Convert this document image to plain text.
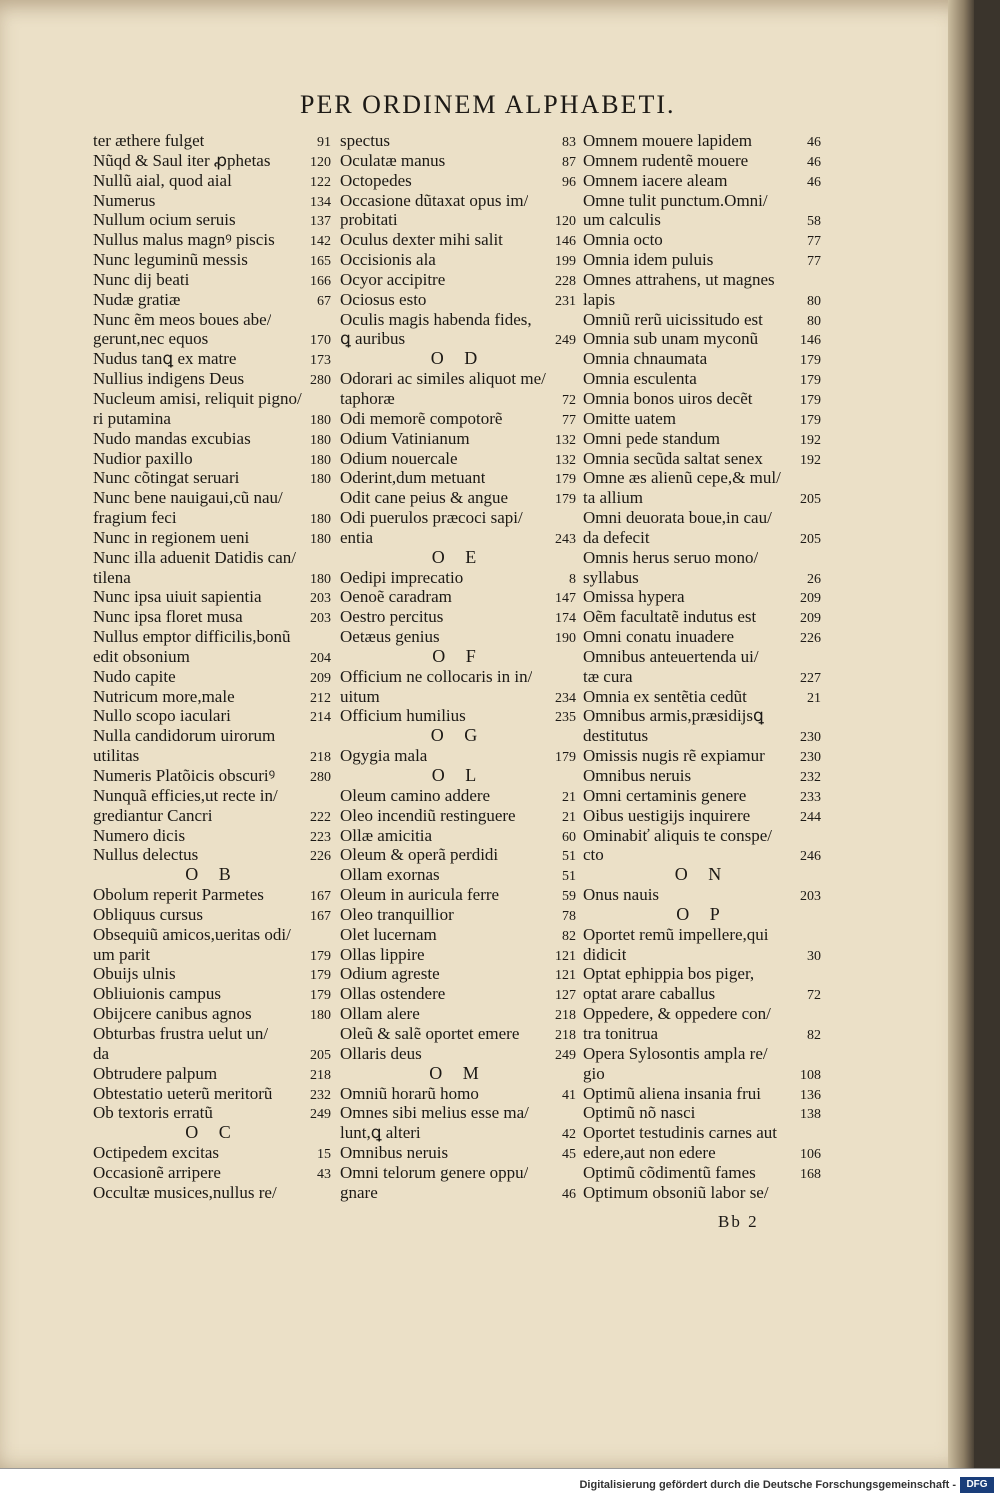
PER ORDINEM ALPHABETI.
ter æthere fulget	91
Nũqd & Saul iter ꝓphetas	120
Nullũ aial, quod aial	122
Numerus	134
Nullum ocium seruis	137
Nullus malus magnꝰ piscis	142
Nunc leguminũ messis	165
Nunc dij beati	166
Nudæ gratiæ	67
Nunc ẽm meos boues abe/
gerunt,nec equos	170
Nudus tanꝗ ex matre	173
Nullius indigens Deus	280
Nucleum amisi, reliquit pigno/
ri putamina	180
Nudo mandas excubias	180
Nudior paxillo	180
Nunc cõtingat seruari	180
Nunc bene nauigaui,cũ nau/
fragium feci	180
Nunc in regionem ueni	180
Nunc illa aduenit Datidis can/
tilena	180
Nunc ipsa uiuit sapientia	203
Nunc ipsa floret musa	203
Nullus emptor difficilis,bonũ
edit obsonium	204
Nudo capite	209
Nutricum more,male	212
Nullo scopo iaculari	214
Nulla candidorum uirorum
utilitas	218
Numeris Platõicis obscuriꝰ 280
Nunquã efficies,ut recte in/
grediantur Cancri	222
Numero dicis	223
Nullus delectus	226
O B
Obolum reperit Parmetes	167
Obliquus cursus	167
Obsequiũ amicos,ueritas odi/
um parit	179
Obuijs ulnis	179
Obliuionis campus	179
Obijcere canibus agnos	180
Obturbas frustra uelut un/
da	205
Obtrudere palpum	218
Obtestatio ueterũ meritorũ	232
Ob textoris erratũ	249
O C
Octipedem excitas	15
Occasionẽ arripere	43
Occultæ musices,nullus re/
spectus	83
Oculatæ manus	87
Octopedes	96
Occasione dũtaxat opus im/
probitati	120
Oculus dexter mihi salit	146
Occisionis ala	199
Ocyor accipitre	228
Ociosus esto	231
Oculis magis habenda fides,
ꝗ auribus	249
O D
Odorari ac similes aliquot me/
taphoræ	72
Odi memorẽ compotorẽ	77
Odium Vatinianum	132
Odium nouercale	132
Oderint,dum metuant	179
Odit cane peius & angue	179
Odi puerulos præcoci sapi/
entia	243
O E
Oedipi imprecatio	8
Oenoẽ caradram	147
Oestro percitus	174
Oetæus genius	190
O F
Officium ne collocaris in in/
uitum	234
Officium humilius	235
O G
Ogygia mala	179
O L
Oleum camino addere	21
Oleo incendiũ restinguere	21
Ollæ amicitia	60
Oleum & operã perdidi	51
Ollam exornas	51
Oleum in auricula ferre	59
Oleo tranquillior	78
Olet lucernam	82
Ollas lippire	121
Odium agreste	121
Ollas ostendere	127
Ollam alere	218
Oleũ & salẽ oportet emere	218
Ollaris deus	249
O M
Omniũ horarũ homo	41
Omnes sibi melius esse ma/
lunt,ꝗ alteri	42
Omnibus neruis	45
Omni telorum genere oppu/
gnare	46
Omnem mouere lapidem	46
Omnem rudentẽ mouere	46
Omnem iacere aleam	46
Omne tulit punctum.Omni/
um calculis	58
Omnia octo	77
Omnia idem puluis	77
Omnes attrahens, ut magnes
lapis	80
Omniũ rerũ uicissitudo est	80
Omnia sub unam myconũ	146
Omnia chnaumata	179
Omnia esculenta	179
Omnia bonos uiros decẽt	179
Omitte uatem	179
Omni pede standum	192
Omnia secũda saltat senex	192
Omne æs alienũ cepe,& mul/
ta allium	205
Omni deuorata boue,in cau/
da defecit	205
Omnis herus seruo mono/
syllabus	26
Omissa hypera	209
Oẽm facultatẽ indutus est	209
Omni conatu inuadere	226
Omnibus anteuertenda ui/
tæ cura	227
Omnia ex sentẽtia cedũt	21
Omnibus armis,præsidijsꝗ
destitutus	230
Omissis nugis rẽ expiamur	230
Omnibus neruis	232
Omni certaminis genere	233
Oibus uestigijs inquirere	244
Ominabiť aliquis te conspe/
cto	246
O N
Onus nauis	203
O P
Oportet remũ impellere,qui
didicit	30
Optat ephippia bos piger,
optat arare caballus	72
Oppedere, & oppedere con/
tra tonitrua	82
Opera Sylosontis ampla re/
gio	108
Optimũ aliena insania frui	136
Optimũ nõ nasci	138
Oportet testudinis carnes aut
edere,aut non edere	106
Optimũ cõdimentũ fames	168
Optimum obsoniũ labor se/
Bb 2
Digitalisierung gefördert durch die Deutsche Forschungsgemeinschaft -	DFG
